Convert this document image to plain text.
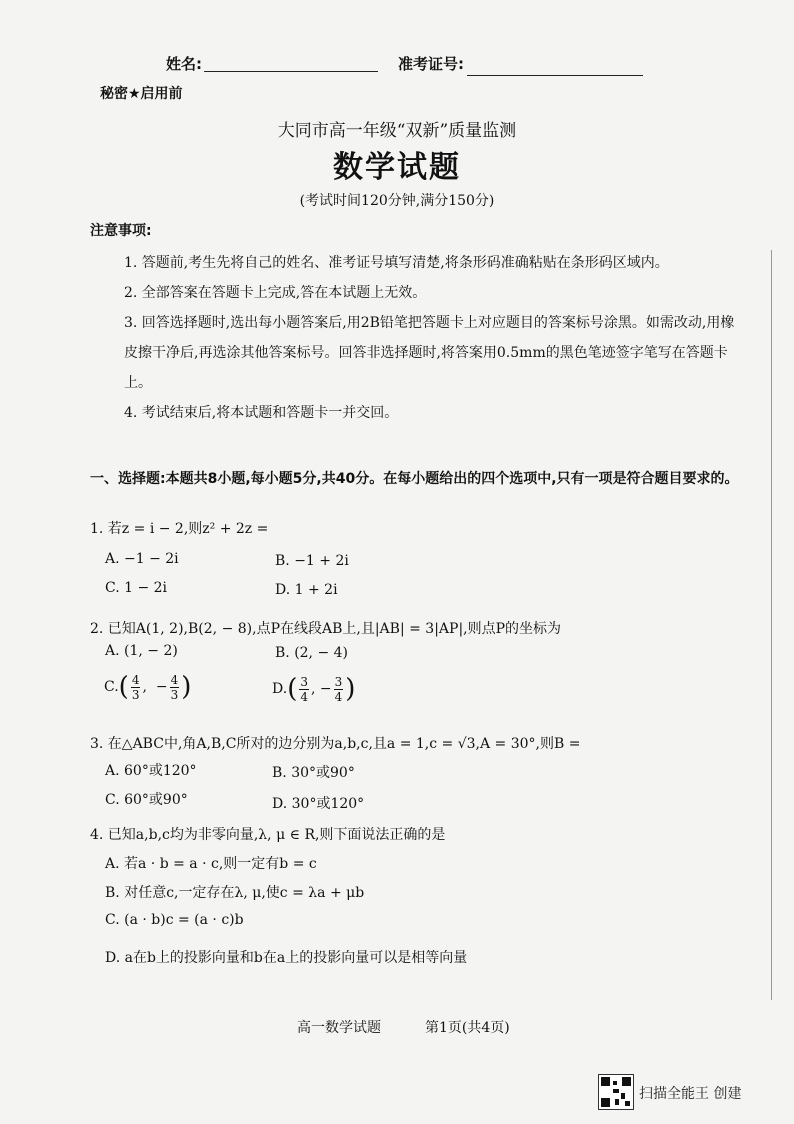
姓名:	准考证号:
秘密★启用前
大同市高一年级“双新”质量监测
数学试题
(考试时间120分钟,满分150分)
注意事项:
1. 答题前,考生先将自己的姓名、准考证号填写清楚,将条形码准确粘贴在条形码区域内。
2. 全部答案在答题卡上完成,答在本试题上无效。
3. 回答选择题时,选出每小题答案后,用2B铅笔把答题卡上对应题目的答案标号涂黑。如需改动,用橡皮擦干净后,再选涂其他答案标号。回答非选择题时,将答案用0.5mm的黑色笔迹签字笔写在答题卡上。
4. 考试结束后,将本试题和答题卡一并交回。
一、选择题:本题共8小题,每小题5分,共40分。在每小题给出的四个选项中,只有一项是符合题目要求的。
1. 若z = i − 2,则z² + 2z =
A. −1 − 2i	B. −1 + 2i
C. 1 − 2i	D. 1 + 2i
2. 已知A(1, 2),B(2, − 8),点P在线段AB上,且|AB| = 3|AP|,则点P的坐标为
A. (1, − 2)	B. (2, − 4)
$C.( \frac{4}{3}$ ,  − $\frac{4}{3}$ )	$D.( \frac{3}{4}$ , − $\frac{3}{4}$ )
3. 在△ABC中,角A,B,C所对的边分别为a,b,c,且a = 1,c = √3,A = 30°,则B =
A. 60°或120°	B. 30°或90°
C. 60°或90°	D. 30°或120°
4. 已知a,b,c均为非零向量,λ, μ ∈ R,则下面说法正确的是
A. 若a · b = a · c,则一定有b = c
B. 对任意c,一定存在λ, μ,使c = λa + μb
C. (a · b)c = (a · c)b
D. a在b上的投影向量和b在a上的投影向量可以是相等向量
高一数学试题	第1页(共4页)
扫描全能王 创建
